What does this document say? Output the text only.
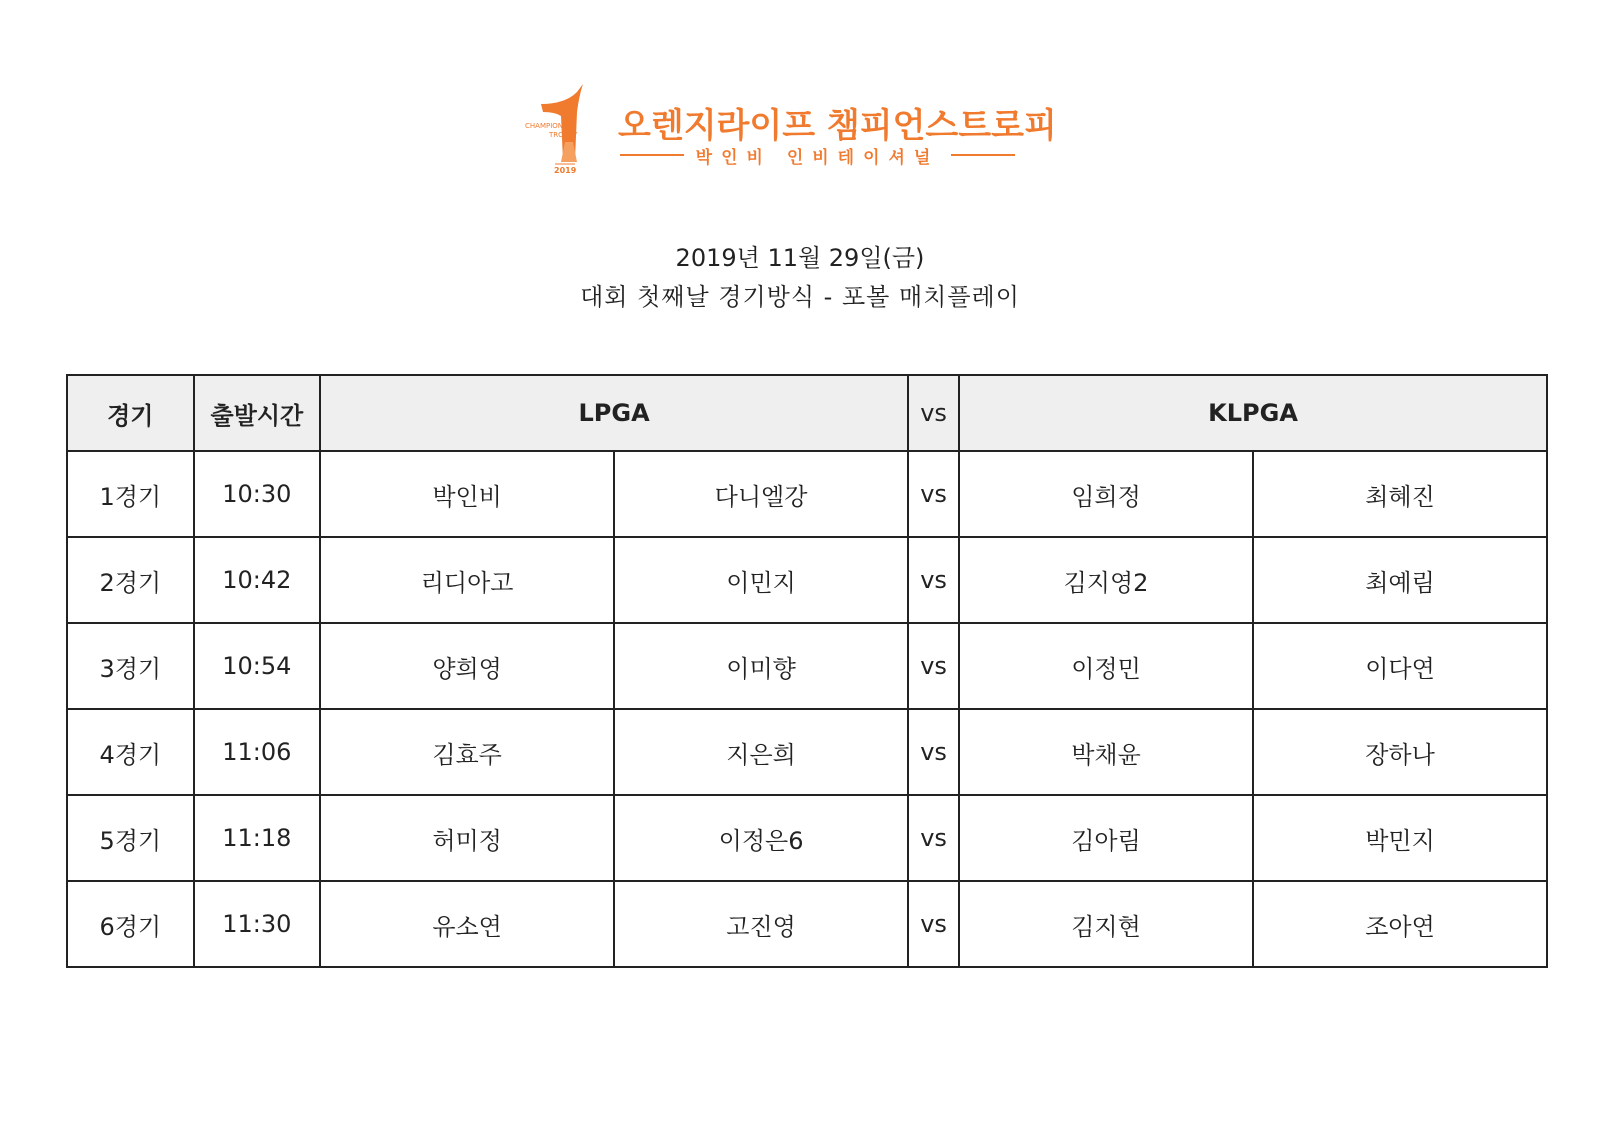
CHAMPIONS
TROPHY
2019
오렌지라이프 챔피언스트로피
박인비 인비테이셔널
2019년 11월 29일(금)
대회 첫째날 경기방식 - 포볼 매치플레이
경기	출발시간	LPGA		vs	KLPGA	
1경기	10:30	박인비	다니엘강	vs	임희정	최혜진
2경기	10:42	리디아고	이민지	vs	김지영2	최예림
3경기	10:54	양희영	이미향	vs	이정민	이다연
4경기	11:06	김효주	지은희	vs	박채윤	장하나
5경기	11:18	허미정	이정은6	vs	김아림	박민지
6경기	11:30	유소연	고진영	vs	김지현	조아연
